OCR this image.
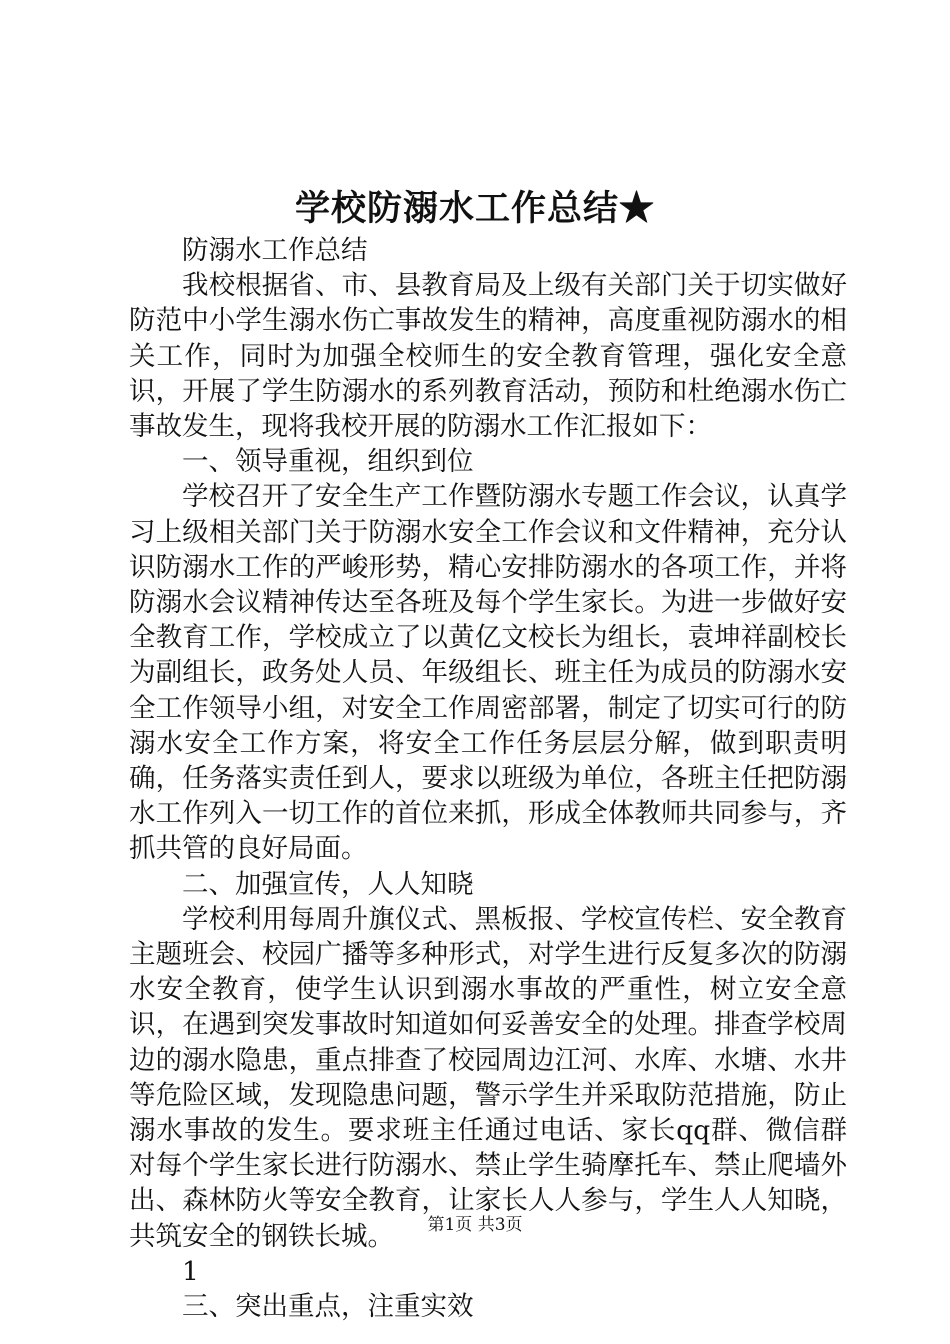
学校防溺水工作总结★

防溺水工作总结

我校根据省、市、县教育局及上级有关部门关于切实做好防范中小学生溺水伤亡事故发生的精神，高度重视防溺水的相关工作，同时为加强全校师生的安全教育管理，强化安全意识，开展了学生防溺水的系列教育活动，预防和杜绝溺水伤亡事故发生，现将我校开展的防溺水工作汇报如下：

一、领导重视，组织到位

学校召开了安全生产工作暨防溺水专题工作会议，认真学习上级相关部门关于防溺水安全工作会议和文件精神，充分认识防溺水工作的严峻形势，精心安排防溺水的各项工作，并将防溺水会议精神传达至各班及每个学生家长。为进一步做好安全教育工作，学校成立了以黄亿文校长为组长，袁坤祥副校长为副组长，政务处人员、年级组长、班主任为成员的防溺水安全工作领导小组，对安全工作周密部署，制定了切实可行的防溺水安全工作方案，将安全工作任务层层分解，做到职责明确，任务落实责任到人，要求以班级为单位，各班主任把防溺水工作列入一切工作的首位来抓，形成全体教师共同参与，齐抓共管的良好局面。

二、加强宣传，人人知晓

学校利用每周升旗仪式、黑板报、学校宣传栏、安全教育主题班会、校园广播等多种形式，对学生进行反复多次的防溺水安全教育，使学生认识到溺水事故的严重性，树立安全意识，在遇到突发事故时知道如何妥善安全的处理。排查学校周边的溺水隐患，重点排查了校园周边江河、水库、水塘、水井等危险区域，发现隐患问题，警示学生并采取防范措施，防止溺水事故的发生。要求班主任通过电话、家长qq群、微信群对每个学生家长进行防溺水、禁止学生骑摩托车、禁止爬墙外出、森林防火等安全教育，让家长人人参与，学生人人知晓，共筑安全的钢铁长城。

1

三、突出重点，注重实效

第1页 共3页
